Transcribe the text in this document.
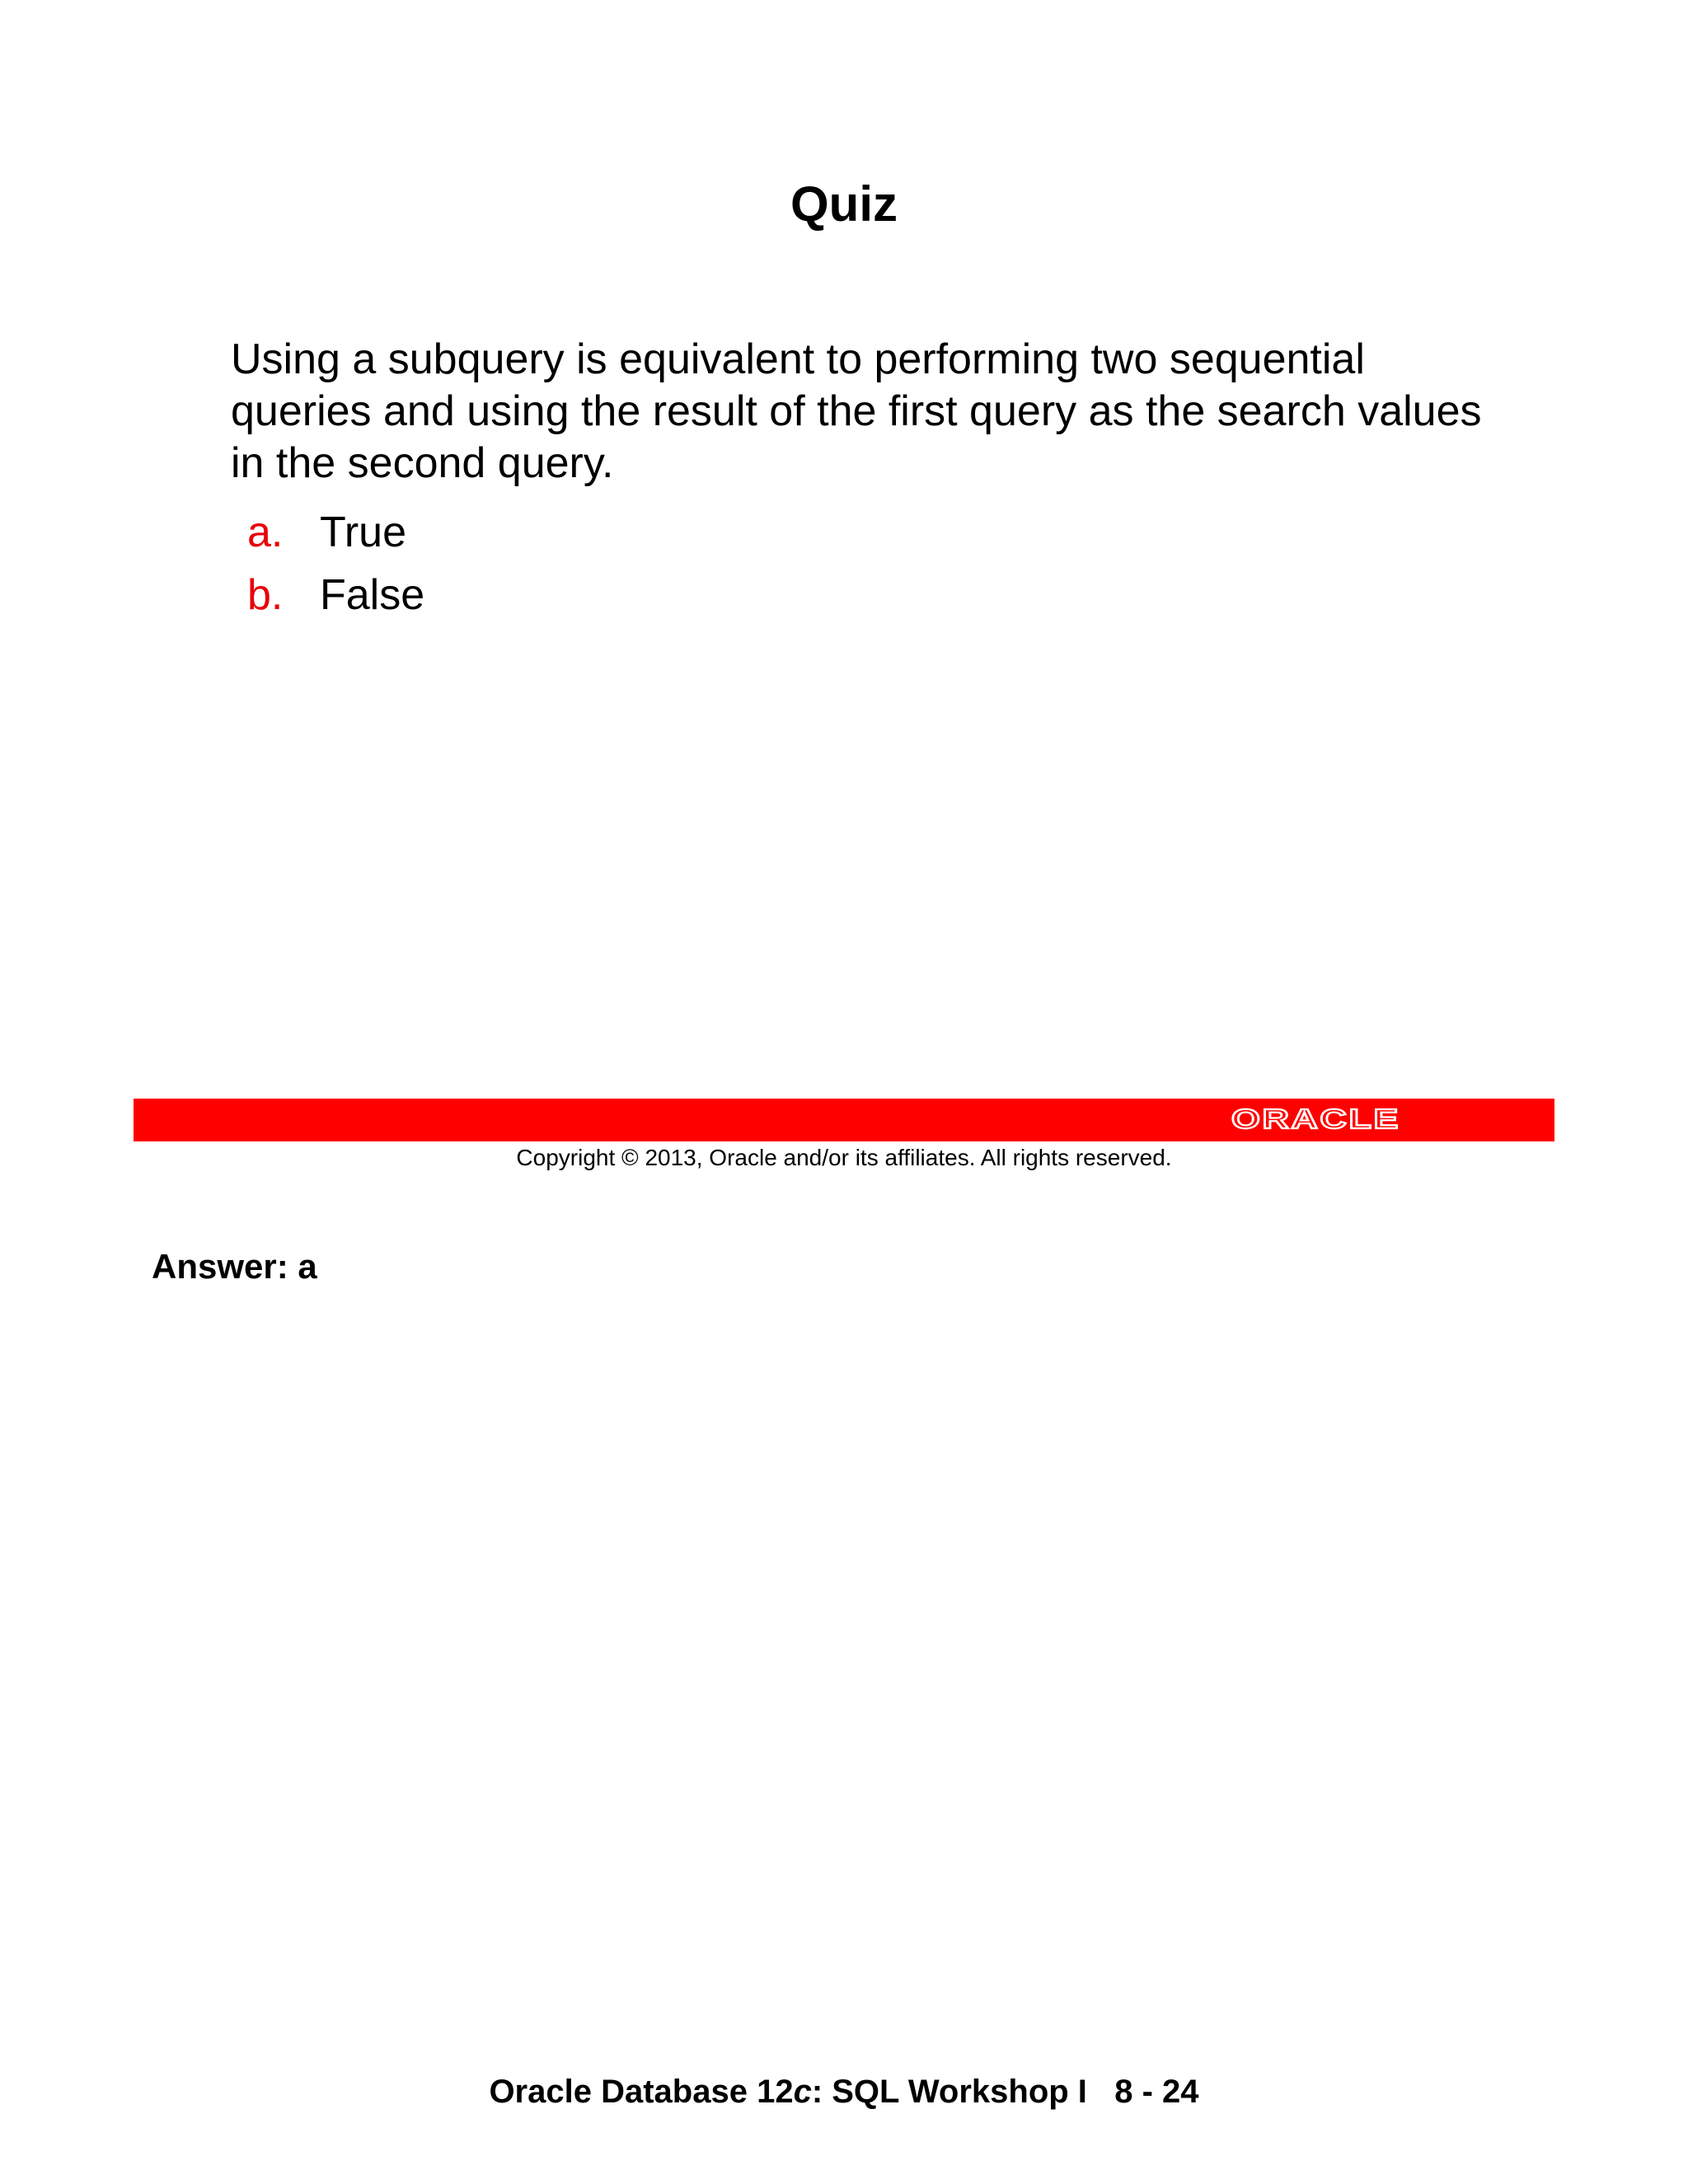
Quiz
Using a subquery is equivalent to performing two sequential queries and using the result of the first query as the search values in the second query.
a. True
b. False
ORACLE
Copyright © 2013, Oracle and/or its affiliates. All rights reserved.
Answer: a
Oracle Database 12c: SQL Workshop I 8 - 24
